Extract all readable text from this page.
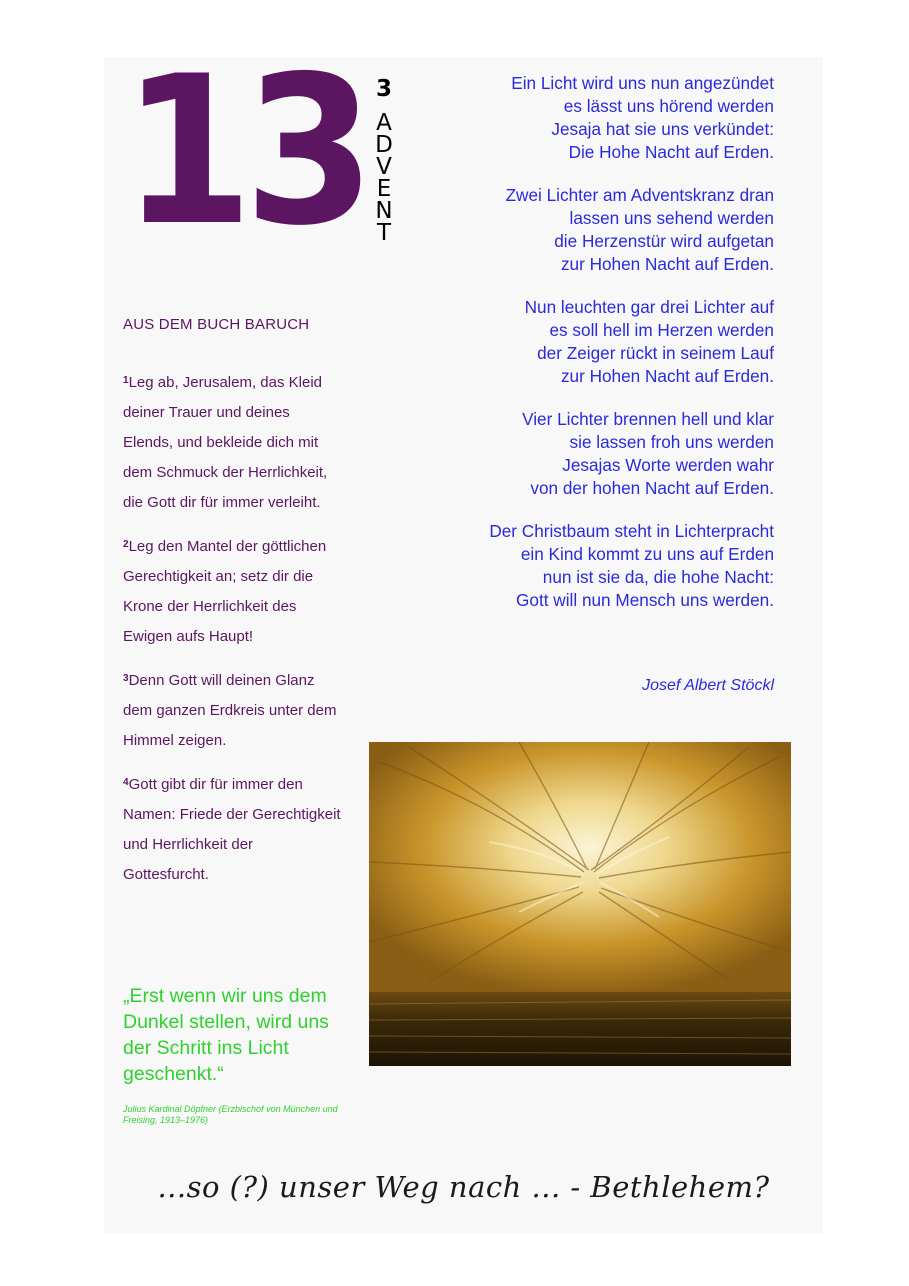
13 3
A
D
V
E
N
T
AUS DEM BUCH BARUCH

$^1$Leg ab, Jerusalem, das Kleid deiner Trauer und deines Elends, und bekleide dich mit dem Schmuck der Herrlichkeit, die Gott dir für immer verleiht.

$^2$Leg den Mantel der göttlichen Gerechtigkeit an; setz dir die Krone der Herrlichkeit des Ewigen aufs Haupt!

$^3$Denn Gott will deinen Glanz dem ganzen Erdkreis unter dem Himmel zeigen.

$^4$Gott gibt dir für immer den Namen: Friede der Gerechtigkeit und Herrlichkeit der Gottesfurcht.

„Erst wenn wir uns dem Dunkel stellen, wird uns der Schritt ins Licht geschenkt.“
Julius Kardinal Döpfner (Erzbischof von München und Freising, 1913–1976)
Ein Licht wird uns nun angezündet
es lässt uns hörend werden
Jesaja hat sie uns verkündet:
Die Hohe Nacht auf Erden.
Zwei Lichter am Adventskranz dran
lassen uns sehend werden
die Herzenstür wird aufgetan
zur Hohen Nacht auf Erden.
Nun leuchten gar drei Lichter auf
es soll hell im Herzen werden
der Zeiger rückt in seinem Lauf
zur Hohen Nacht auf Erden.
Vier Lichter brennen hell und klar
sie lassen froh uns werden
Jesajas Worte werden wahr
von der hohen Nacht auf Erden.
Der Christbaum steht in Lichterpracht
ein Kind kommt zu uns auf Erden
nun ist sie da, die hohe Nacht:
Gott will nun Mensch uns werden.
Josef Albert Stöckl
...so (?) unser Weg nach ... - Bethlehem?
